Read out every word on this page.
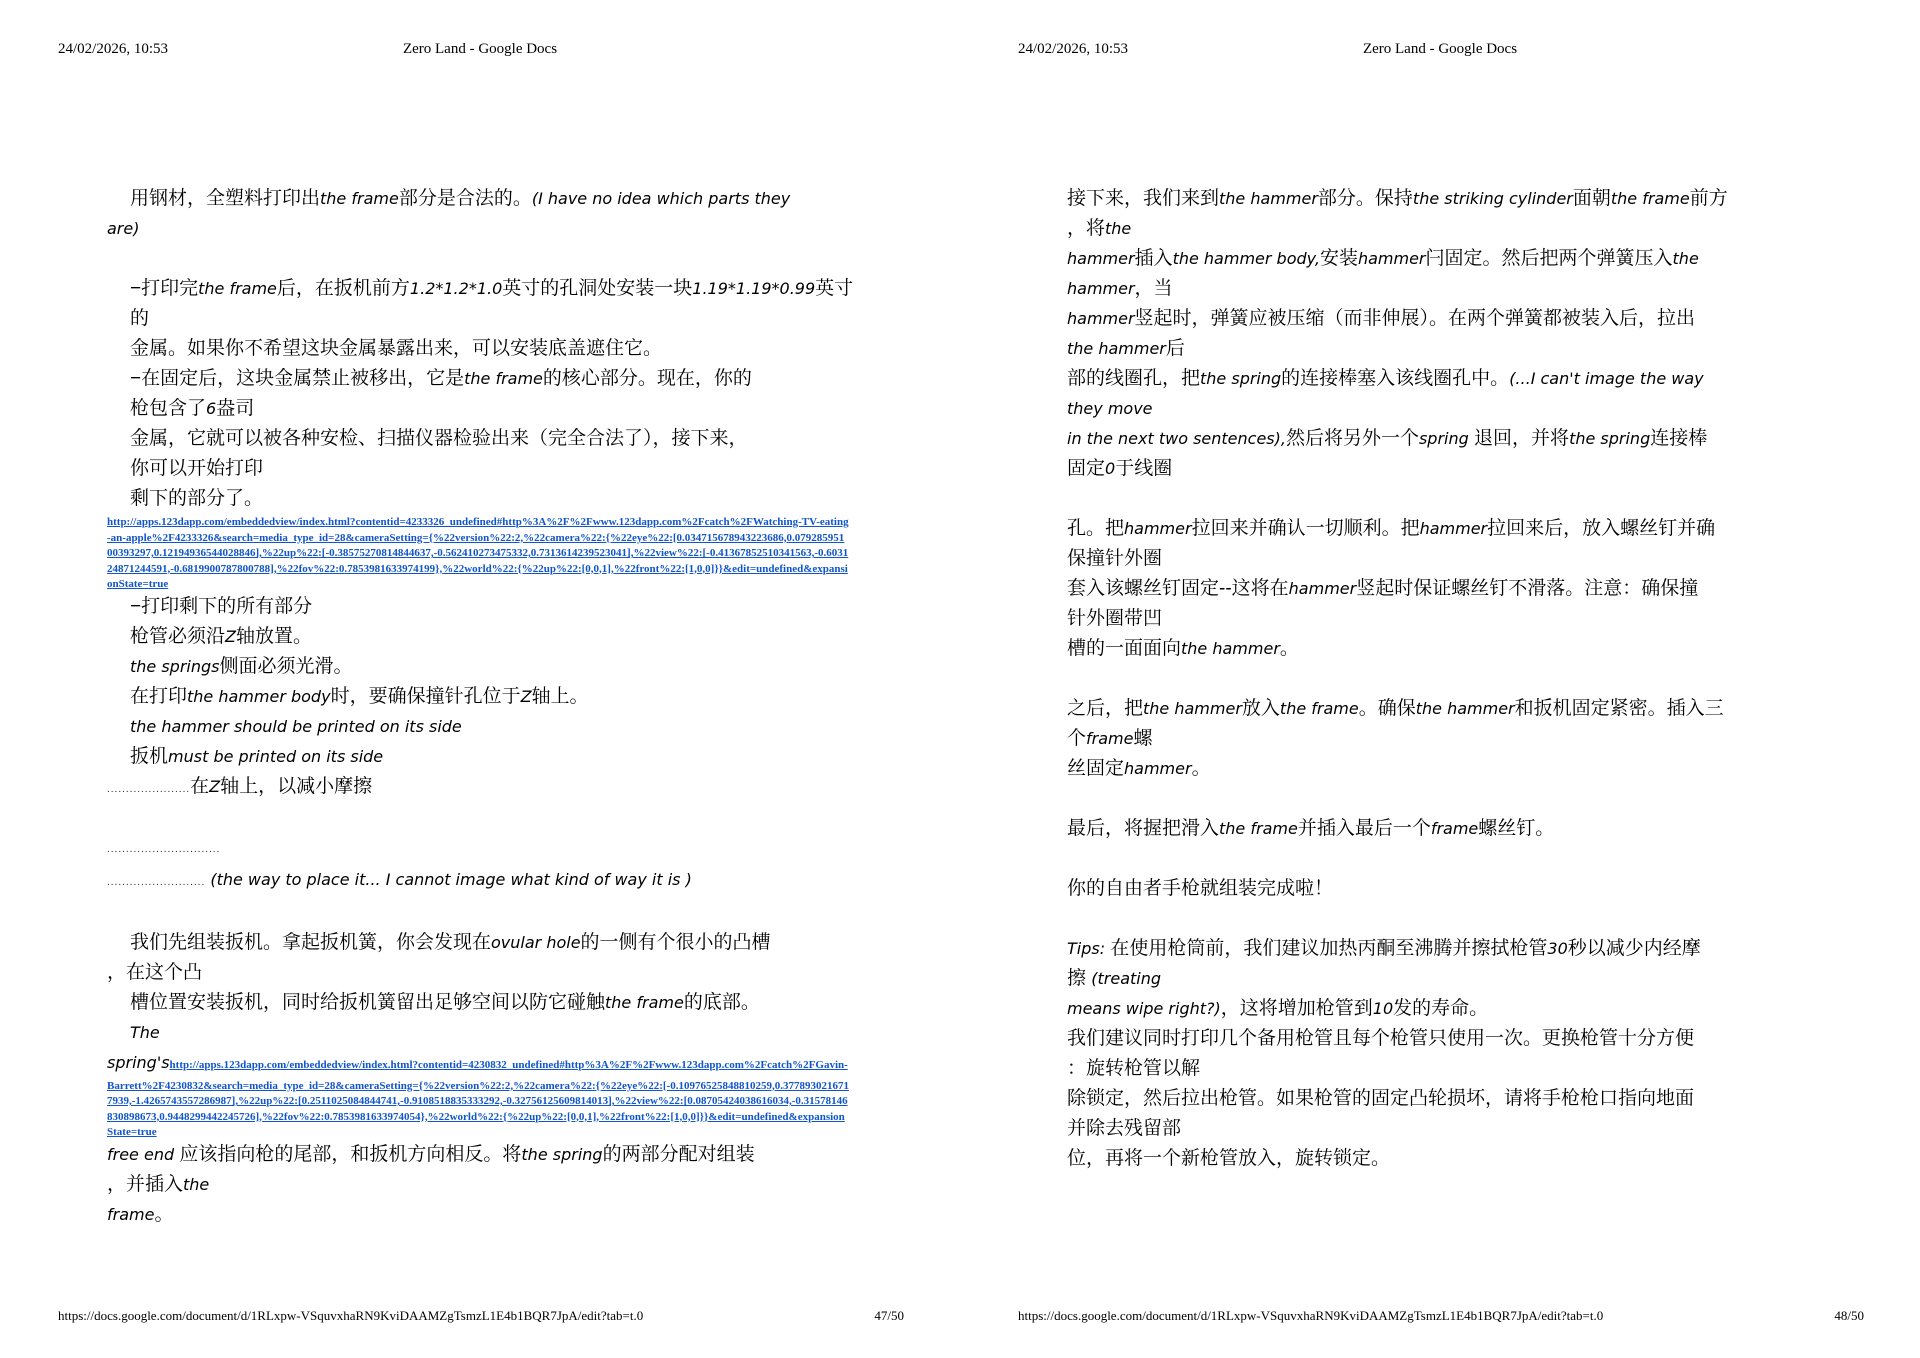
24/02/2026, 10:53	Zero Land - Google Docs
用钢材，全塑料打印出the frame部分是合法的。(I have no idea which parts they
are)

−打印完the frame后，在扳机前方1.2*1.2*1.0英寸的孔洞处安装一块1.19*1.19*0.99英寸
的
金属。如果你不希望这块金属暴露出来，可以安装底盖遮住它。
−在固定后，这块金属禁止被移出，它是the frame的核心部分。现在，你的
枪包含了6盎司
金属，它就可以被各种安检、扫描仪器检验出来（完全合法了），接下来，
你可以开始打印
剩下的部分了。
http://apps.123dapp.com/embeddedview/index.html?contentid=4233326_undefined#http%3A%2F%2Fwww.123dapp.com%2Fcatch%2FWatching-TV-eating-an-apple%2F4233326&search=media_type_id=28&cameraSetting={%22version%22:2,%22camera%22:{%22eye%22:[0.034715678943223686,0.07928595100393297,0.12194936544028846],%22up%22:[-0.38575270814844637,-0.562410273475332,0.7313614239523041],%22view%22:[-0.41367852510341563,-0.603124871244591,-0.6819900787800788],%22fov%22:0.7853981633974199},%22world%22:{%22up%22:[0,0,1],%22front%22:[1,0,0]}}&edit=undefined&expansionState=true
−打印剩下的所有部分
枪管必须沿Z轴放置。
the springs侧面必须光滑。
在打印the hammer body时，要确保撞针孔位于Z轴上。
the hammer should be printed on its side
扳机must be printed on its side
......................在Z轴上，以减小摩擦

..............................
.......................... (the way to place it... I cannot image what kind of way it is )

我们先组装扳机。拿起扳机簧，你会发现在ovular hole的一侧有个很小的凸槽
，在这个凸
槽位置安装扳机，同时给扳机簧留出足够空间以防它碰触the frame的底部。
The
spring'shttp://apps.123dapp.com/embeddedview/index.html?contentid=4230832_undefined#http%3A%2F%2Fwww.123dapp.com%2Fcatch%2FGavin-Barrett%2F4230832&search=media_type_id=28&cameraSetting={%22version%22:2,%22camera%22:{%22eye%22:[-0.10976525848810259,0.3778930216717939,-1.4265743557286987],%22up%22:[0.2511025084844741,-0.9108518835333292,-0.32756125609814013],%22view%22:[0.08705424038616034,-0.31578146830898673,0.9448299442245726],%22fov%22:0.7853981633974054},%22world%22:{%22up%22:[0,0,1],%22front%22:[1,0,0]}}&edit=undefined&expansionState=true
free end 应该指向枪的尾部，和扳机方向相反。将the spring的两部分配对组装
，并插入the
frame。
https://docs.google.com/document/d/1RLxpw-VSquvxhaRN9KviDAAMZgTsmzL1E4b1BQR7JpA/edit?tab=t.0	47/50
24/02/2026, 10:53	Zero Land - Google Docs
接下来，我们来到the hammer部分。保持the striking cylinder面朝the frame前方
，将the
hammer插入the hammer body,安装hammer闩固定。然后把两个弹簧压入the
hammer，当
hammer竖起时，弹簧应被压缩（而非伸展）。在两个弹簧都被装入后，拉出
the hammer后
部的线圈孔，把the spring的连接棒塞入该线圈孔中。(...I can't image the way
they move
in the next two sentences),然后将另外一个spring 退回，并将the spring连接棒
固定0于线圈

孔。把hammer拉回来并确认一切顺利。把hammer拉回来后，放入螺丝钉并确
保撞针外圈
套入该螺丝钉固定--这将在hammer竖起时保证螺丝钉不滑落。注意：确保撞
针外圈带凹
槽的一面面向the hammer。

之后，把the hammer放入the frame。确保the hammer和扳机固定紧密。插入三
个frame螺
丝固定hammer。

最后，将握把滑入the frame并插入最后一个frame螺丝钉。

你的自由者手枪就组装完成啦！

Tips: 在使用枪筒前，我们建议加热丙酮至沸腾并擦拭枪管30秒以减少内经摩
擦 (treating
means wipe right?)，这将增加枪管到10发的寿命。
我们建议同时打印几个备用枪管且每个枪管只使用一次。更换枪管十分方便
：旋转枪管以解
除锁定，然后拉出枪管。如果枪管的固定凸轮损坏，请将手枪枪口指向地面
并除去残留部
位，再将一个新枪管放入，旋转锁定。
https://docs.google.com/document/d/1RLxpw-VSquvxhaRN9KviDAAMZgTsmzL1E4b1BQR7JpA/edit?tab=t.0	48/50
